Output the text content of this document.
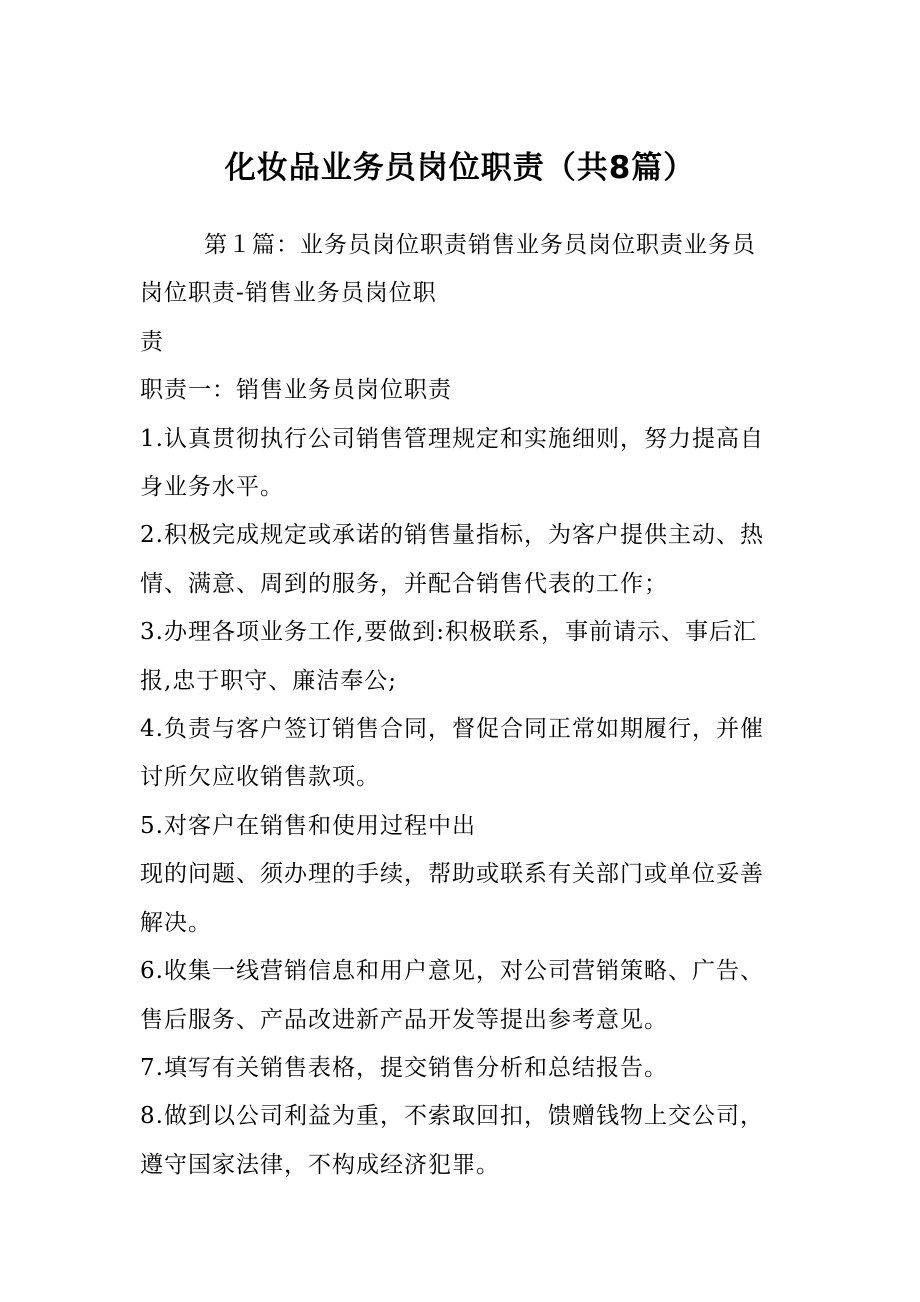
化妆品业务员岗位职责（共8篇）

第１篇：业务员岗位职责销售业务员岗位职责业务员

岗位职责-销售业务员岗位职

责

职责一：销售业务员岗位职责

1.认真贯彻执行公司销售管理规定和实施细则，努力提高自

身业务水平。

2.积极完成规定或承诺的销售量指标，为客户提供主动、热

情、满意、周到的服务，并配合销售代表的工作；

3.办理各项业务工作,要做到:积极联系，事前请示、事后汇

报,忠于职守、廉洁奉公;

4.负责与客户签订销售合同，督促合同正常如期履行，并催

讨所欠应收销售款项。

5.对客户在销售和使用过程中出

现的问题、须办理的手续，帮助或联系有关部门或单位妥善

解决。

6.收集一线营销信息和用户意见，对公司营销策略、广告、

售后服务、产品改进新产品开发等提出参考意见。

7.填写有关销售表格，提交销售分析和总结报告。

8.做到以公司利益为重，不索取回扣，馈赠钱物上交公司，

遵守国家法律，不构成经济犯罪。
